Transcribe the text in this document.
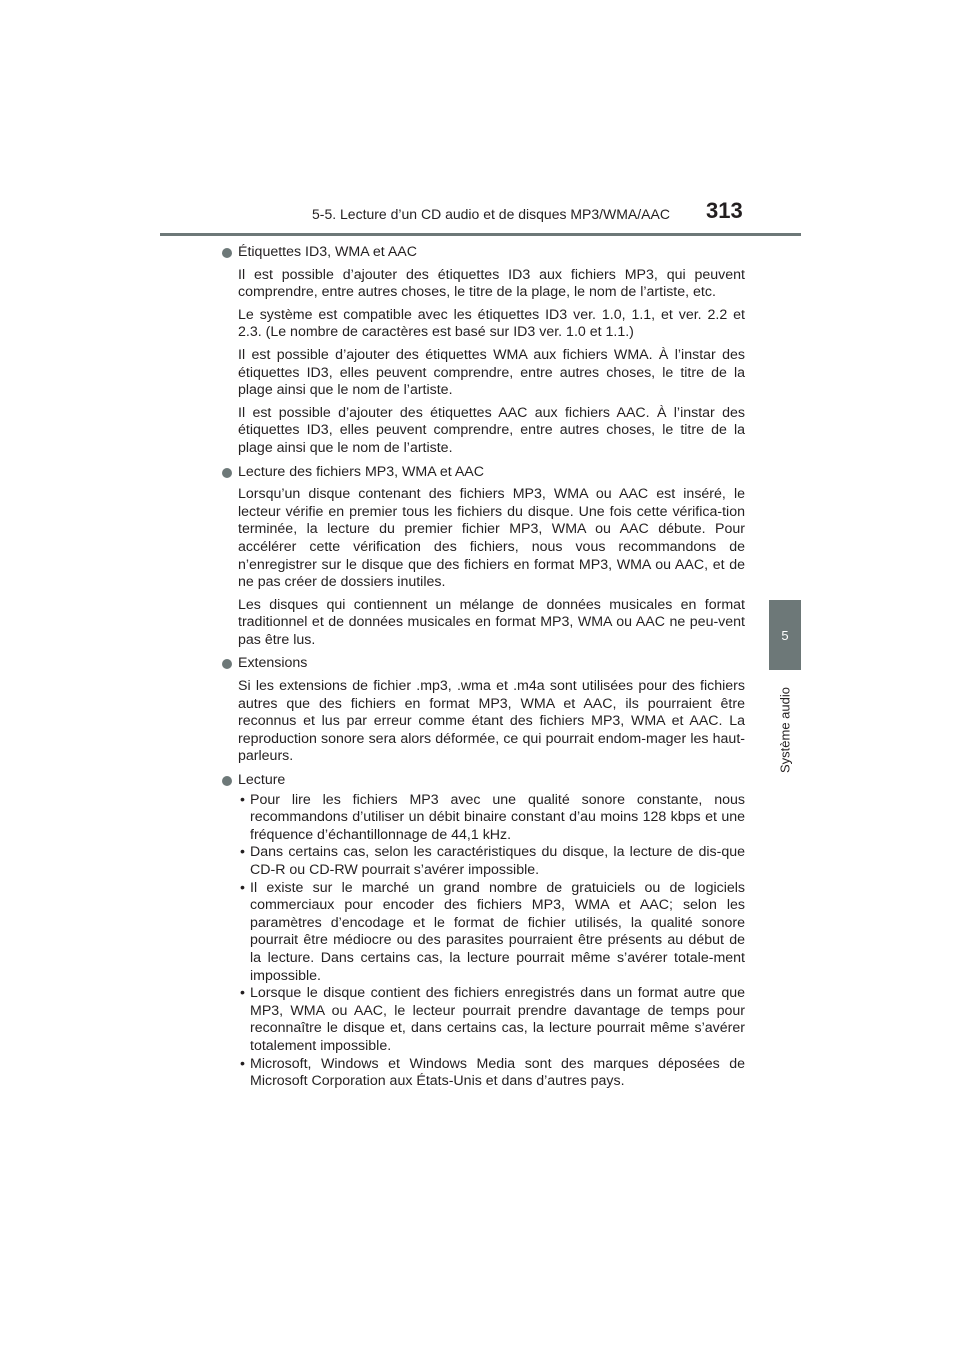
5-5. Lecture d’un CD audio et de disques MP3/WMA/AAC 313
5
Système audio
Étiquettes ID3, WMA et AAC
Il est possible d’ajouter des étiquettes ID3 aux fichiers MP3, qui peuvent comprendre, entre autres choses, le titre de la plage, le nom de l’artiste, etc.
Le système est compatible avec les étiquettes ID3 ver. 1.0, 1.1, et ver. 2.2 et 2.3. (Le nombre de caractères est basé sur ID3 ver. 1.0 et 1.1.)
Il est possible d’ajouter des étiquettes WMA aux fichiers WMA. À l’instar des étiquettes ID3, elles peuvent comprendre, entre autres choses, le titre de la plage ainsi que le nom de l’artiste.
Il est possible d’ajouter des étiquettes AAC aux fichiers AAC. À l’instar des étiquettes ID3, elles peuvent comprendre, entre autres choses, le titre de la plage ainsi que le nom de l’artiste.
Lecture des fichiers MP3, WMA et AAC
Lorsqu’un disque contenant des fichiers MP3, WMA ou AAC est inséré, le lecteur vérifie en premier tous les fichiers du disque. Une fois cette vérifica-tion terminée, la lecture du premier fichier MP3, WMA ou AAC débute. Pour accélérer cette vérification des fichiers, nous vous recommandons de n’enregistrer sur le disque que des fichiers en format MP3, WMA ou AAC, et de ne pas créer de dossiers inutiles.
Les disques qui contiennent un mélange de données musicales en format traditionnel et de données musicales en format MP3, WMA ou AAC ne peu-vent pas être lus.
Extensions
Si les extensions de fichier .mp3, .wma et .m4a sont utilisées pour des fichiers autres que des fichiers en format MP3, WMA et AAC, ils pourraient être reconnus et lus par erreur comme étant des fichiers MP3, WMA et AAC. La reproduction sonore sera alors déformée, ce qui pourrait endom-mager les haut-parleurs.
Lecture
• Pour lire les fichiers MP3 avec une qualité sonore constante, nous recommandons d’utiliser un débit binaire constant d’au moins 128 kbps et une fréquence d’échantillonnage de 44,1 kHz.
• Dans certains cas, selon les caractéristiques du disque, la lecture de dis-que CD-R ou CD-RW pourrait s’avérer impossible.
• Il existe sur le marché un grand nombre de gratuiciels ou de logiciels commerciaux pour encoder des fichiers MP3, WMA et AAC; selon les paramètres d’encodage et le format de fichier utilisés, la qualité sonore pourrait être médiocre ou des parasites pourraient être présents au début de la lecture. Dans certains cas, la lecture pourrait même s’avérer totale-ment impossible.
• Lorsque le disque contient des fichiers enregistrés dans un format autre que MP3, WMA ou AAC, le lecteur pourrait prendre davantage de temps pour reconnaître le disque et, dans certains cas, la lecture pourrait même s’avérer totalement impossible.
• Microsoft, Windows et Windows Media sont des marques déposées de Microsoft Corporation aux États-Unis et dans d’autres pays.
